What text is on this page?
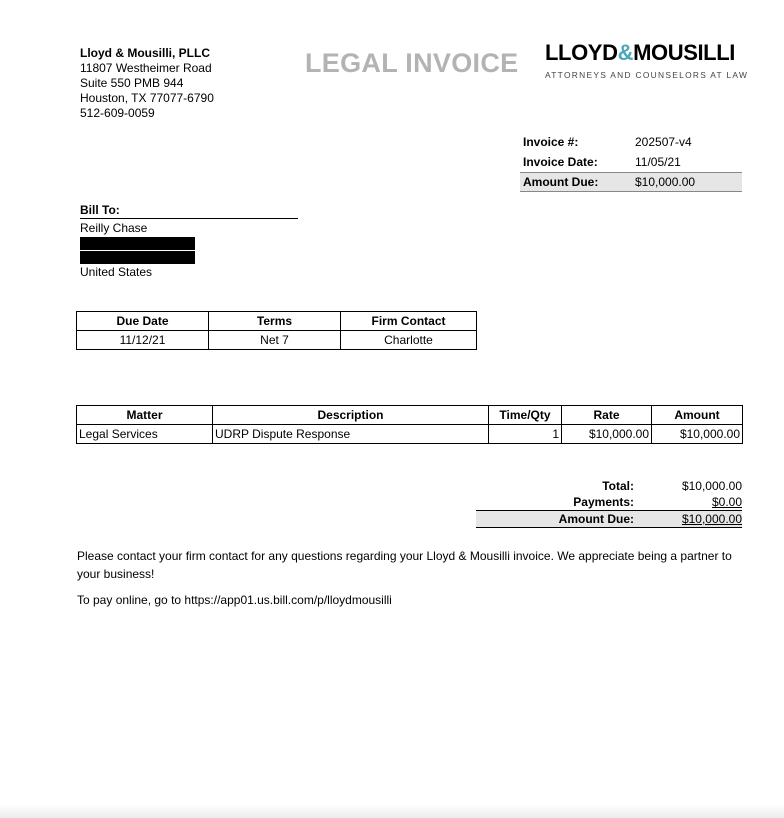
Lloyd & Mousilli, PLLC
11807 Westheimer Road
Suite 550 PMB 944
Houston, TX 77077-6790
512-609-0059
LEGAL INVOICE LLOYD&MOUSILLI
ATTORNEYS AND COUNSELORS AT LAW
Invoice #:	202507-v4
Invoice Date:	11/05/21
Amount Due:	$10,000.00
Bill To:
Reilly Chase
United States
Due Date	Terms	Firm Contact
11/12/21	Net 7	Charlotte
Matter	Description	Time/Qty	Rate	Amount
Legal Services	UDRP Dispute Response	1	$10,000.00	$10,000.00
Total:	$10,000.00
Payments:	$0.00
Amount Due:	$10,000.00
Please contact your firm contact for any questions regarding your Lloyd & Mousilli invoice. We appreciate being a partner to your business!
To pay online, go to https://app01.us.bill.com/p/lloydmousilli
